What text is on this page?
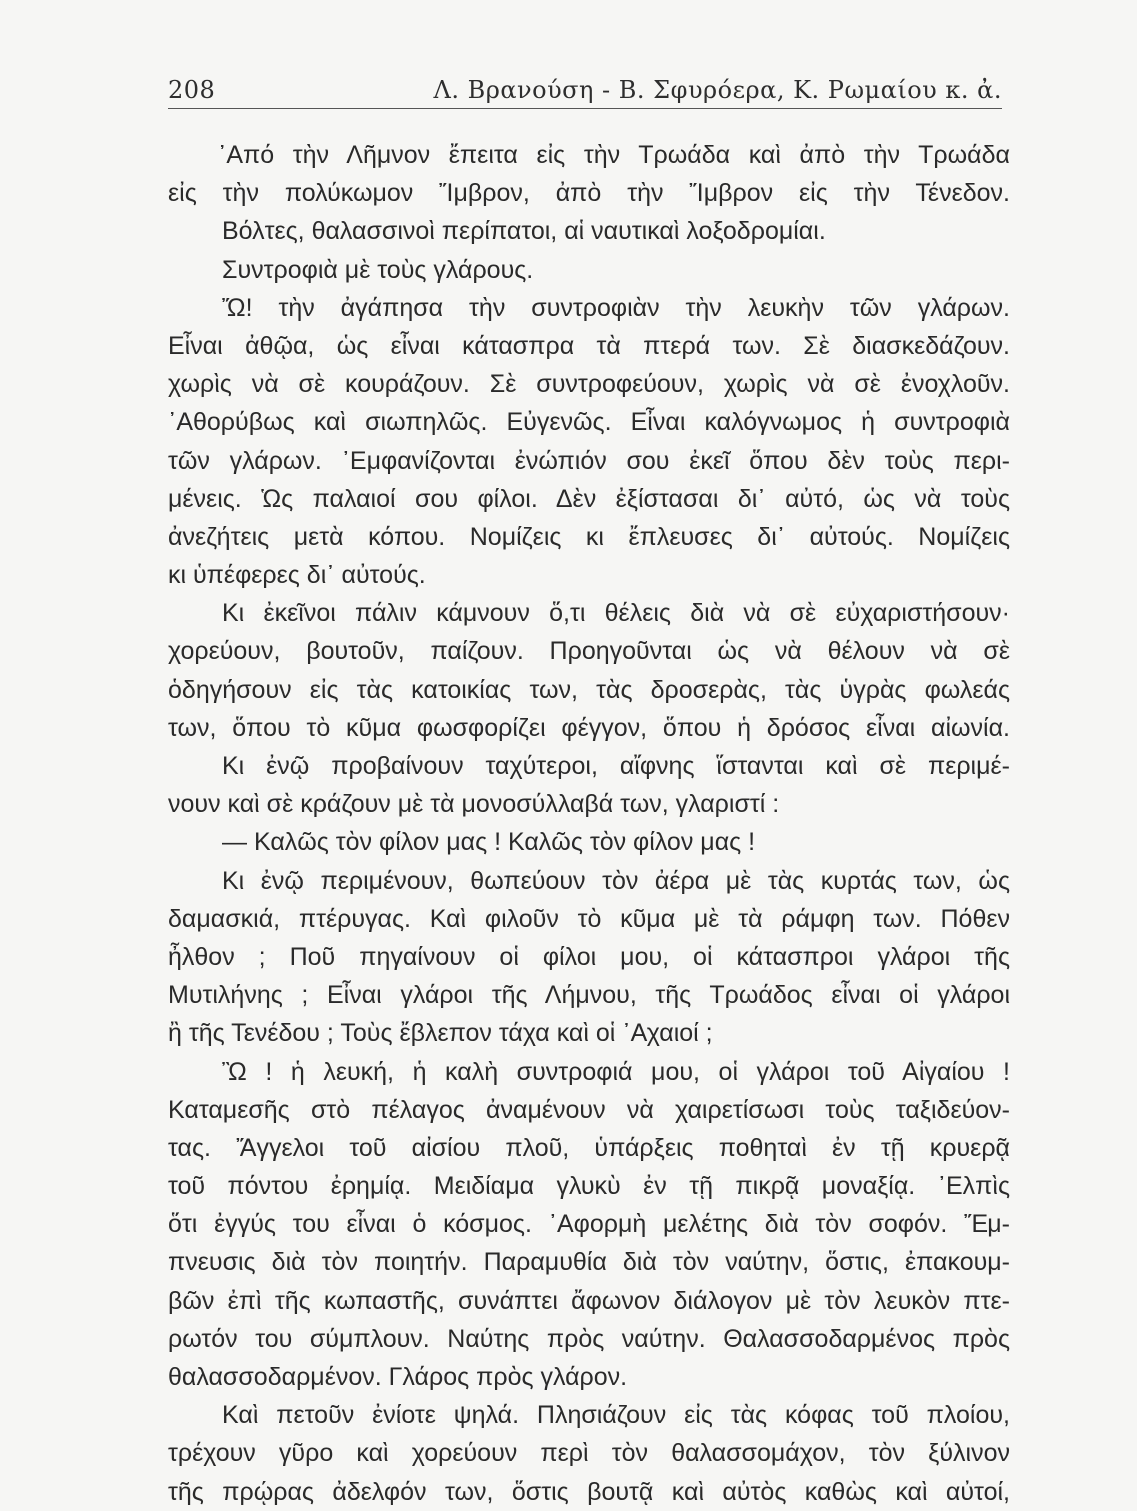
208	Λ. Βρανούση - Β. Σφυρόερα, Κ. Ρωμαίου κ. ἀ.
᾿Από τὴν Λῆμνον ἔπειτα εἰς τὴν Τρωάδα καὶ ἀπὸ τὴν Τρωάδα
εἰς τὴν πολύκωμον Ἴμβρον, ἀπὸ τὴν Ἴμβρον εἰς τὴν Τένεδον.
Βόλτες, θαλασσινοὶ περίπατοι, αἱ ναυτικαὶ λοξοδρομίαι.
Συντροφιὰ μὲ τοὺς γλάρους.
Ὤ! τὴν ἀγάπησα τὴν συντροφιὰν τὴν λευκὴν τῶν γλάρων.
Εἶναι ἀθῷα, ὡς εἶναι κάτασπρα τὰ πτερά των. Σὲ διασκεδάζουν.
χωρὶς νὰ σὲ κουράζουν. Σὲ συντροφεύουν, χωρὶς νὰ σὲ ἐνοχλοῦν.
᾿Αθορύβως καὶ σιωπηλῶς. Εὐγενῶς. Εἶναι καλόγνωμος ἡ συντροφιὰ
τῶν γλάρων. ᾿Εμφανίζονται ἐνώπιόν σου ἐκεῖ ὅπου δὲν τοὺς περι-
μένεις. Ὡς παλαιοί σου φίλοι. Δὲν ἐξίστασαι δι᾿ αὐτό, ὡς νὰ τοὺς
ἀνεζήτεις μετὰ κόπου. Νομίζεις κι ἔπλευσες δι᾿ αὐτούς. Νομίζεις
κι ὑπέφερες δι᾿ αὐτούς.
Κι ἐκεῖνοι πάλιν κάμνουν ὅ,τι θέλεις διὰ νὰ σὲ εὐχαριστήσουν·
χορεύουν, βουτοῦν, παίζουν. Προηγοῦνται ὡς νὰ θέλουν νὰ σὲ
ὁδηγήσουν εἰς τὰς κατοικίας των, τὰς δροσερὰς, τὰς ὑγρὰς φωλεάς
των, ὅπου τὸ κῦμα φωσφορίζει φέγγον, ὅπου ἡ δρόσος εἶναι αἰωνία.
Κι ἐνῷ προβαίνουν ταχύτεροι, αἴφνης ἵστανται καὶ σὲ περιμέ-
νουν καὶ σὲ κράζουν μὲ τὰ μονοσύλλαβά των, γλαριστί :
— Καλῶς τὸν φίλον μας ! Καλῶς τὸν φίλον μας !
Κι ἐνῷ περιμένουν, θωπεύουν τὸν ἀέρα μὲ τὰς κυρτάς των, ὡς
δαμασκιά, πτέρυγας. Καὶ φιλοῦν τὸ κῦμα μὲ τὰ ράμφη των. Πόθεν
ἦλθον ; Ποῦ πηγαίνουν οἱ φίλοι μου, οἱ κάτασπροι γλάροι τῆς
Μυτιλήνης ; Εἶναι γλάροι τῆς Λήμνου, τῆς Τρωάδος εἶναι οἱ γλάροι
ἢ τῆς Τενέδου ; Τοὺς ἔβλεπον τάχα καὶ οἱ ᾿Αχαιοί ;
Ὢ ! ἡ λευκή, ἡ καλὴ συντροφιά μου, οἱ γλάροι τοῦ Αἰγαίου !
Καταμεσῆς στὸ πέλαγος ἀναμένουν νὰ χαιρετίσωσι τοὺς ταξιδεύον-
τας. Ἄγγελοι τοῦ αἰσίου πλοῦ, ὑπάρξεις ποθηταὶ ἐν τῇ κρυερᾷ
τοῦ πόντου ἐρημίᾳ. Μειδίαμα γλυκὺ ἐν τῇ πικρᾷ μοναξίᾳ. ᾿Ελπὶς
ὅτι ἐγγύς του εἶναι ὁ κόσμος. ᾿Αφορμὴ μελέτης διὰ τὸν σοφόν. Ἔμ-
πνευσις διὰ τὸν ποιητήν. Παραμυθία διὰ τὸν ναύτην, ὅστις, ἐπακουμ-
βῶν ἐπὶ τῆς κωπαστῆς, συνάπτει ἄφωνον διάλογον μὲ τὸν λευκὸν πτε-
ρωτόν του σύμπλουν. Ναύτης πρὸς ναύτην. Θαλασσοδαρμένος πρὸς
θαλασσοδαρμένον. Γλάρος πρὸς γλάρον.
Καὶ πετοῦν ἐνίοτε ψηλά. Πλησιάζουν εἰς τὰς κόφας τοῦ πλοίου,
τρέχουν γῦρο καὶ χορεύουν περὶ τὸν θαλασσομάχον, τὸν ξύλινον
τῆς πρῴρας ἀδελφόν των, ὅστις βουτᾷ καὶ αὐτὸς καθὼς καὶ αὐτοί,
